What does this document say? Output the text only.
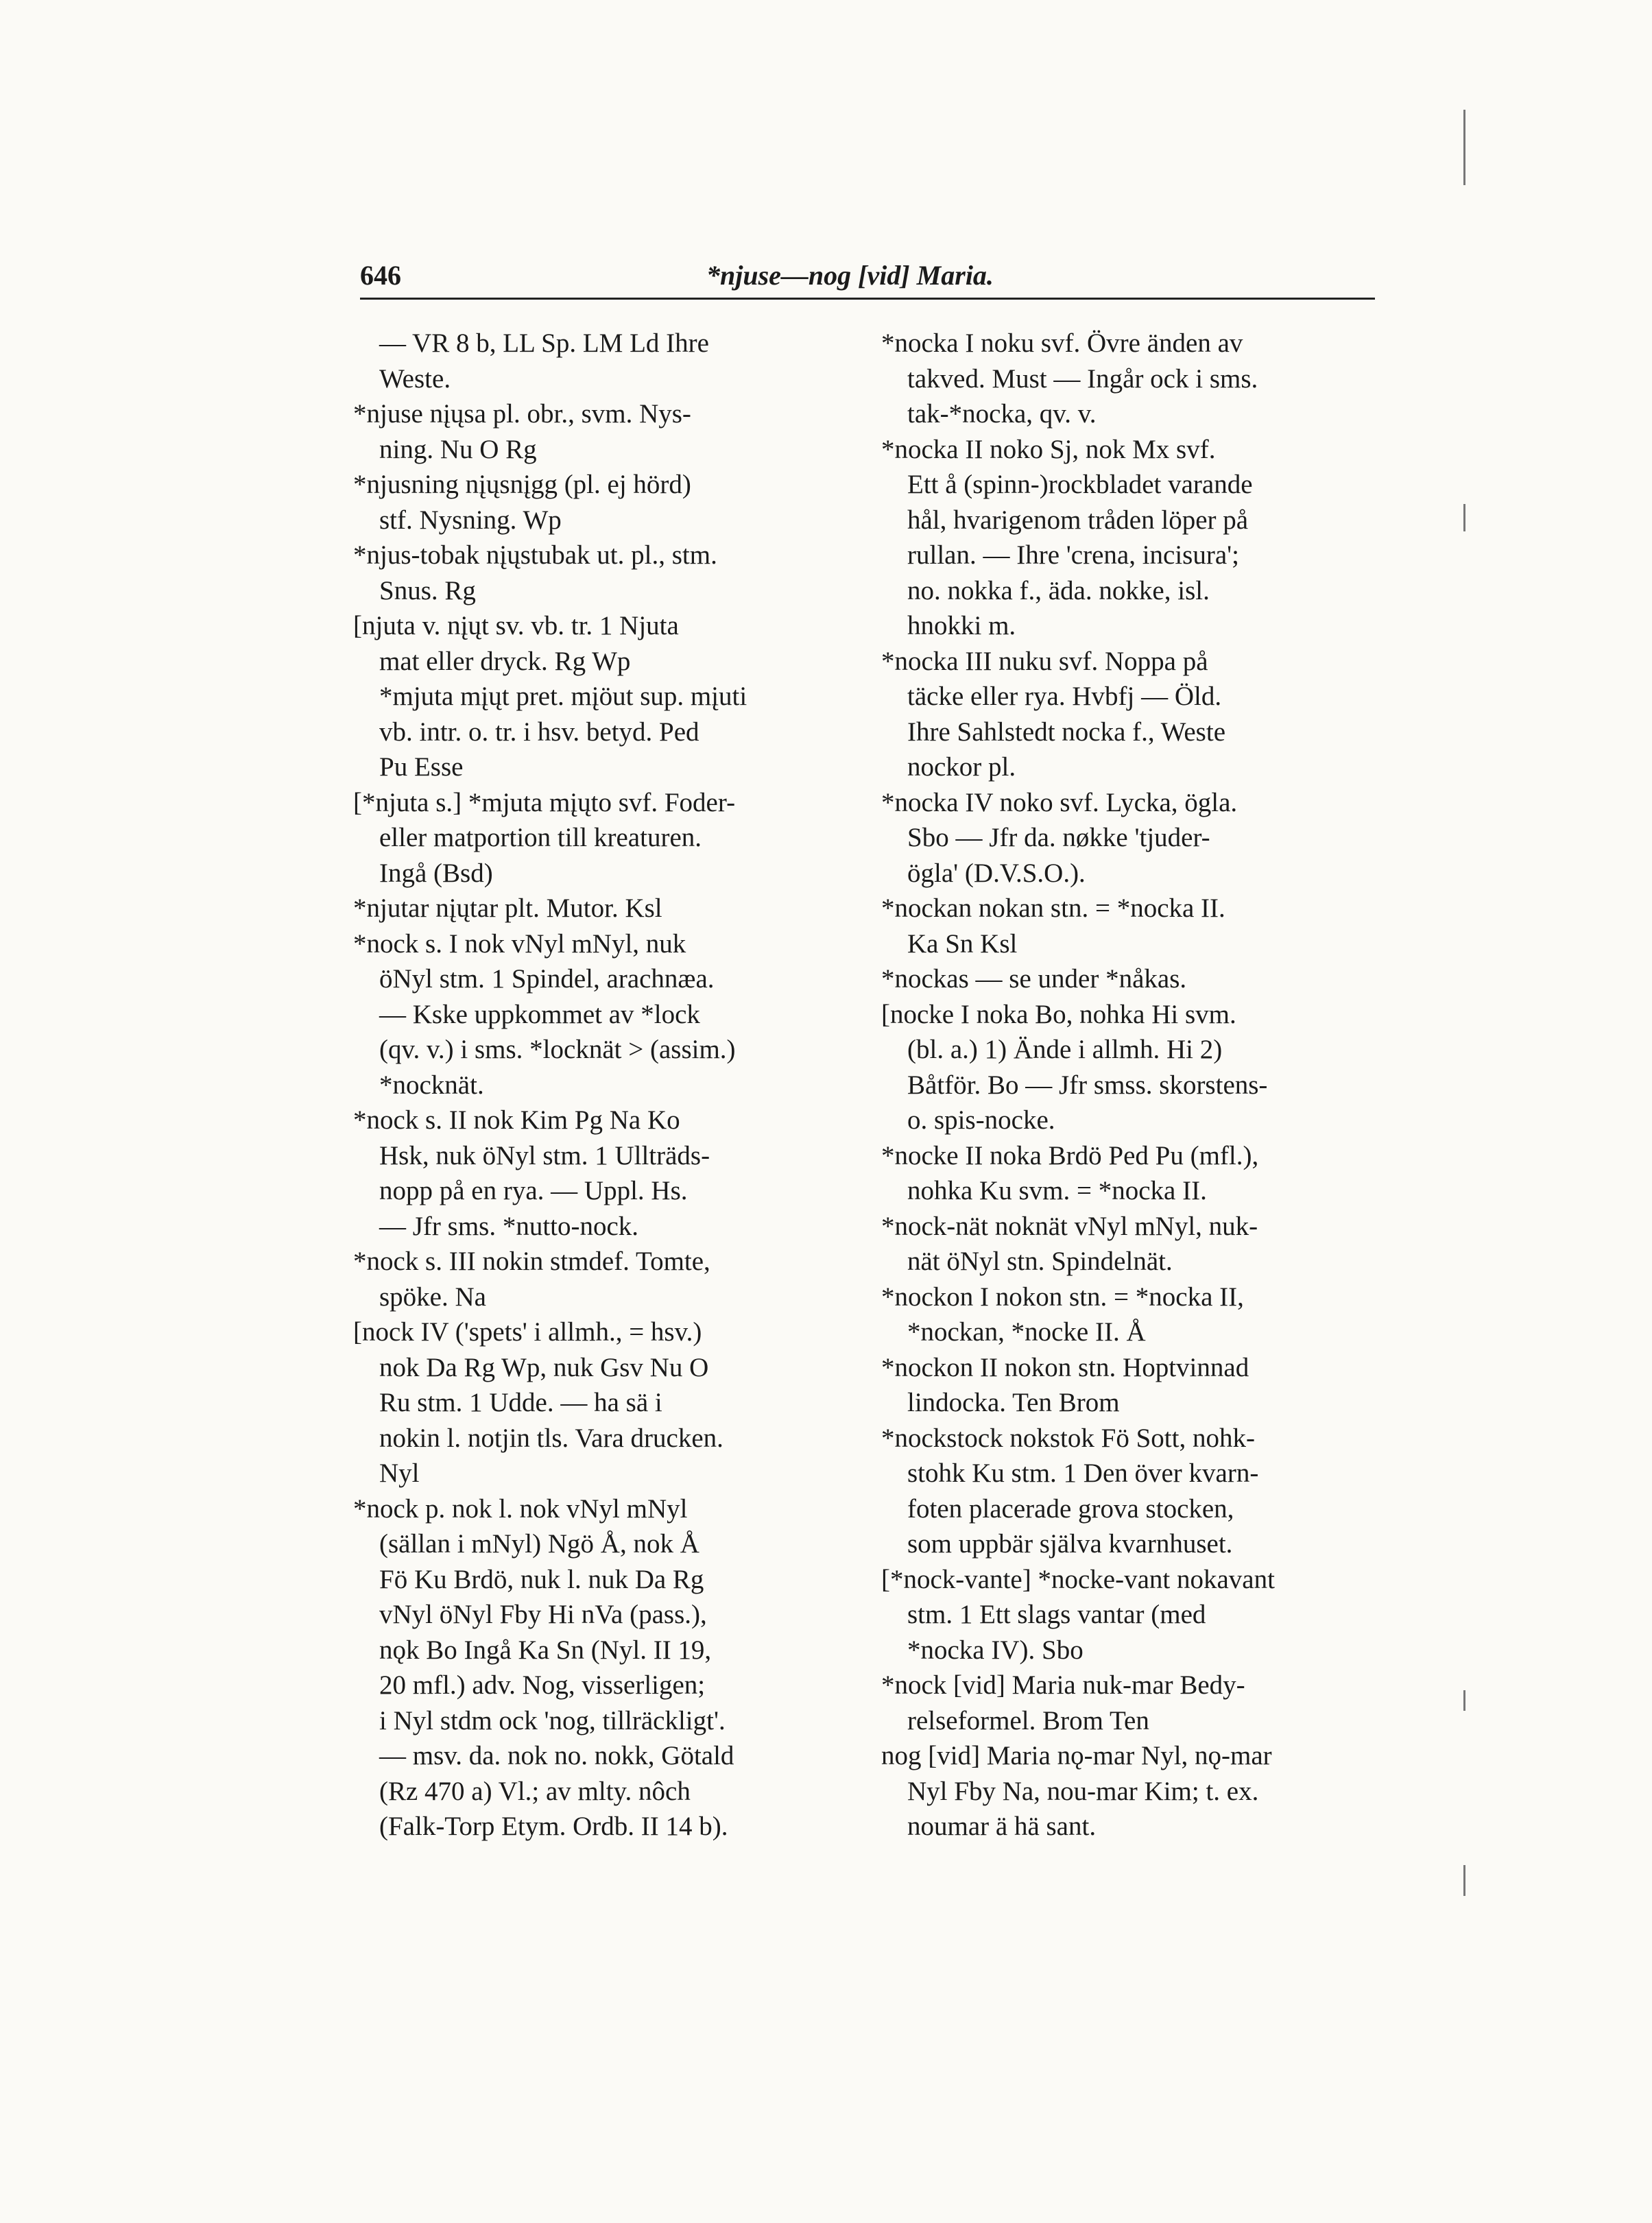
646	*njuse—nog [vid] Maria.
— VR 8 b, LL Sp. LM Ld Ihre
Weste.
*njuse nįųsa pl. obr., svm. Nys-
ning. Nu O Rg
*njusning nįųsnįgg (pl. ej hörd)
stf. Nysning. Wp
*njus-tobak nįųstubak ut. pl., stm.
Snus. Rg
[njuta v. nįųt sv. vb. tr. 1 Njuta
mat eller dryck. Rg Wp
*mjuta mįųt pret. mįöut sup. mįuti
vb. intr. o. tr. i hsv. betyd. Ped
Pu Esse
[*njuta s.] *mjuta mįųto svf. Foder-
eller matportion till kreaturen.
Ingå (Bsd)
*njutar nįųtar plt. Mutor. Ksl
*nock s. I nok vNyl mNyl, nuk
öNyl stm. 1 Spindel, arachnæa.
— Kske uppkommet av *lock
(qv. v.) i sms. *locknät > (assim.)
*nocknät.
*nock s. II nok Kim Pg Na Ko
Hsk, nuk öNyl stm. 1 Ullträds-
nopp på en rya. — Uppl. Hs.
— Jfr sms. *nutto-nock.
*nock s. III nokin stmdef. Tomte,
spöke. Na
[nock IV ('spets' i allmh., = hsv.)
nok Da Rg Wp, nuk Gsv Nu O
Ru stm. 1 Udde. — ha sä i
nokin l. notjin tls. Vara drucken.
Nyl
*nock p. nok l. nok vNyl mNyl
(sällan i mNyl) Ngö Å, nok Å
Fö Ku Brdö, nuk l. nuk Da Rg
vNyl öNyl Fby Hi nVa (pass.),
nǫk Bo Ingå Ka Sn (Nyl. II 19,
20 mfl.) adv. Nog, visserligen;
i Nyl stdm ock 'nog, tillräckligt'.
— msv. da. nok no. nokk, Götald
(Rz 470 a) Vl.; av mlty. nôch
(Falk-Torp Etym. Ordb. II 14 b).
*nocka I noku svf. Övre änden av
takved. Must — Ingår ock i sms.
tak-*nocka, qv. v.
*nocka II noko Sj, nok Mx svf.
Ett å (spinn-)rockbladet varande
hål, hvarigenom tråden löper på
rullan. — Ihre 'crena, incisura';
no. nokka f., äda. nokke, isl.
hnokki m.
*nocka III nuku svf. Noppa på
täcke eller rya. Hvbfj — Öld.
Ihre Sahlstedt nocka f., Weste
nockor pl.
*nocka IV noko svf. Lycka, ögla.
Sbo — Jfr da. nøkke 'tjuder-
ögla' (D.V.S.O.).
*nockan nokan stn. = *nocka II.
Ka Sn Ksl
*nockas — se under *nåkas.
[nocke I noka Bo, nohka Hi svm.
(bl. a.) 1) Ände i allmh. Hi 2)
Båtför. Bo — Jfr smss. skorstens-
o. spis-nocke.
*nocke II noka Brdö Ped Pu (mfl.),
nohka Ku svm. = *nocka II.
*nock-nät noknät vNyl mNyl, nuk-
nät öNyl stn. Spindelnät.
*nockon I nokon stn. = *nocka II,
*nockan, *nocke II. Å
*nockon II nokon stn. Hoptvinnad
lindocka. Ten Brom
*nockstock nokstok Fö Sott, nohk-
stohk Ku stm. 1 Den över kvarn-
foten placerade grova stocken,
som uppbär själva kvarnhuset.
[*nock-vante] *nocke-vant nokavant
stm. 1 Ett slags vantar (med
*nocka IV). Sbo
*nock [vid] Maria nuk-mar Bedy-
relseformel. Brom Ten
nog [vid] Maria nǫ-mar Nyl, nǫ-mar
Nyl Fby Na, nou-mar Kim; t. ex.
noumar ä hä sant.
